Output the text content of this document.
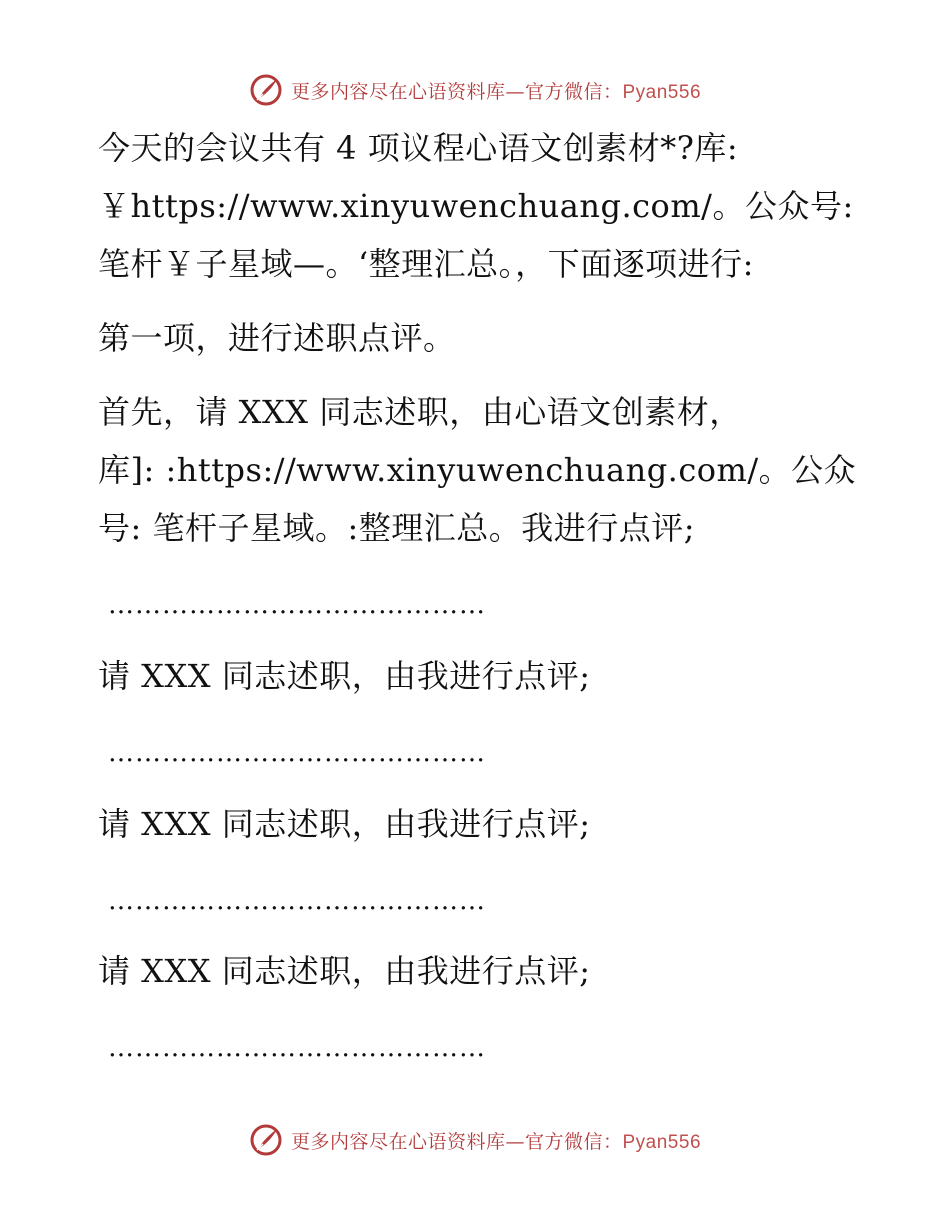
更多内容尽在心语资料库—官方微信：Pyan556
今天的会议共有 4 项议程心语文创素材*?库:
￥https://www.xinyuwenchuang.com/。公众号:
笔杆￥子星域—。‘整理汇总。，下面逐项进行:
第一项，进行述职点评。
首先，请 XXX 同志述职，由心语文创素材，
库]: :https://www.xinyuwenchuang.com/。公众
号: 笔杆子星域。:整理汇总。我进行点评;
……………………………………
请 XXX 同志述职，由我进行点评;
……………………………………
请 XXX 同志述职，由我进行点评;
……………………………………
请 XXX 同志述职，由我进行点评;
……………………………………
更多内容尽在心语资料库—官方微信：Pyan556
